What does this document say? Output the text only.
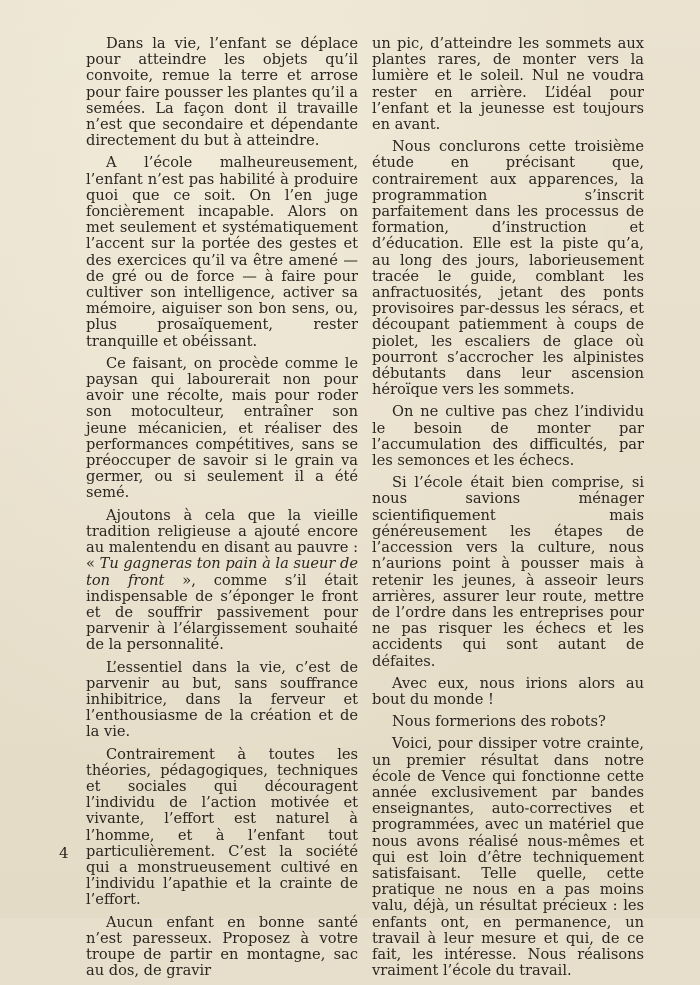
Dans la vie, l’enfant se déplace pour atteindre les objets qu’il convoite, remue la terre et arrose pour faire pousser les plantes qu’il a semées. La façon dont il travaille n’est que secondaire et dépendante directement du but à atteindre.

A l’école malheureusement, l’enfant n’est pas habilité à produire quoi que ce soit. On l’en juge foncièrement incapable. Alors on met seulement et systématiquement l’accent sur la portée des gestes et des exercices qu’il va être amené — de gré ou de force — à faire pour cultiver son intelligence, activer sa mémoire, aiguiser son bon sens, ou, plus prosaïquement, rester tranquille et obéissant.

Ce faisant, on procède comme le paysan qui labourerait non pour avoir une récolte, mais pour roder son motoculteur, entraîner son jeune mécanicien, et réaliser des performances compétitives, sans se préoccuper de savoir si le grain va germer, ou si seulement il a été semé.

Ajoutons à cela que la vieille tradition religieuse a ajouté encore au malentendu en disant au pauvre : « Tu gagneras ton pain à la sueur de ton front », comme s’il était indispensable de s’éponger le front et de souffrir passivement pour parvenir à l’élargissement souhaité de la personnalité.

L’essentiel dans la vie, c’est de parvenir au but, sans souffrance inhibitrice, dans la ferveur et l’enthousiasme de la création et de la vie.

Contrairement à toutes les théories, pédagogiques, techniques et sociales qui découragent l’individu de l’action motivée et vivante, l’effort est naturel à l’homme, et à l’enfant tout particulièrement. C’est la société qui a monstrueusement cultivé en l’individu l’apathie et la crainte de l’effort.

Aucun enfant en bonne santé n’est paresseux. Proposez à votre troupe de partir en montagne, sac au dos, de gravir

un pic, d’atteindre les sommets aux plantes rares, de monter vers la lumière et le soleil. Nul ne voudra rester en arrière. L’idéal pour l’enfant et la jeunesse est toujours en avant.

Nous conclurons cette troisième étude en précisant que, contrairement aux apparences, la programmation s’inscrit parfaitement dans les processus de formation, d’instruction et d’éducation. Elle est la piste qu’a, au long des jours, laborieusement tracée le guide, comblant les anfractuosités, jetant des ponts provisoires par-dessus les séracs, et découpant patiemment à coups de piolet, les escaliers de glace où pourront s’accrocher les alpinistes débutants dans leur ascension héroïque vers les sommets.

On ne cultive pas chez l’individu le besoin de monter par l’accumulation des difficultés, par les semonces et les échecs.

Si l’école était bien comprise, si nous savions ménager scientifiquement mais généreusement les étapes de l’accession vers la culture, nous n’aurions point à pousser mais à retenir les jeunes, à asseoir leurs arrières, assurer leur route, mettre de l’ordre dans les entreprises pour ne pas risquer les échecs et les accidents qui sont autant de défaites.

Avec eux, nous irions alors au bout du monde !

Nous formerions des robots?

Voici, pour dissiper votre crainte, un premier résultat dans notre école de Vence qui fonctionne cette année exclusivement par bandes enseignantes, auto-correctives et programmées, avec un matériel que nous avons réalisé nous-mêmes et qui est loin d’être techniquement satisfaisant. Telle quelle, cette pratique ne nous en a pas moins valu, déjà, un résultat précieux : les enfants ont, en permanence, un travail à leur mesure et qui, de ce fait, les intéresse. Nous réalisons vraiment l’école du travail.

4
